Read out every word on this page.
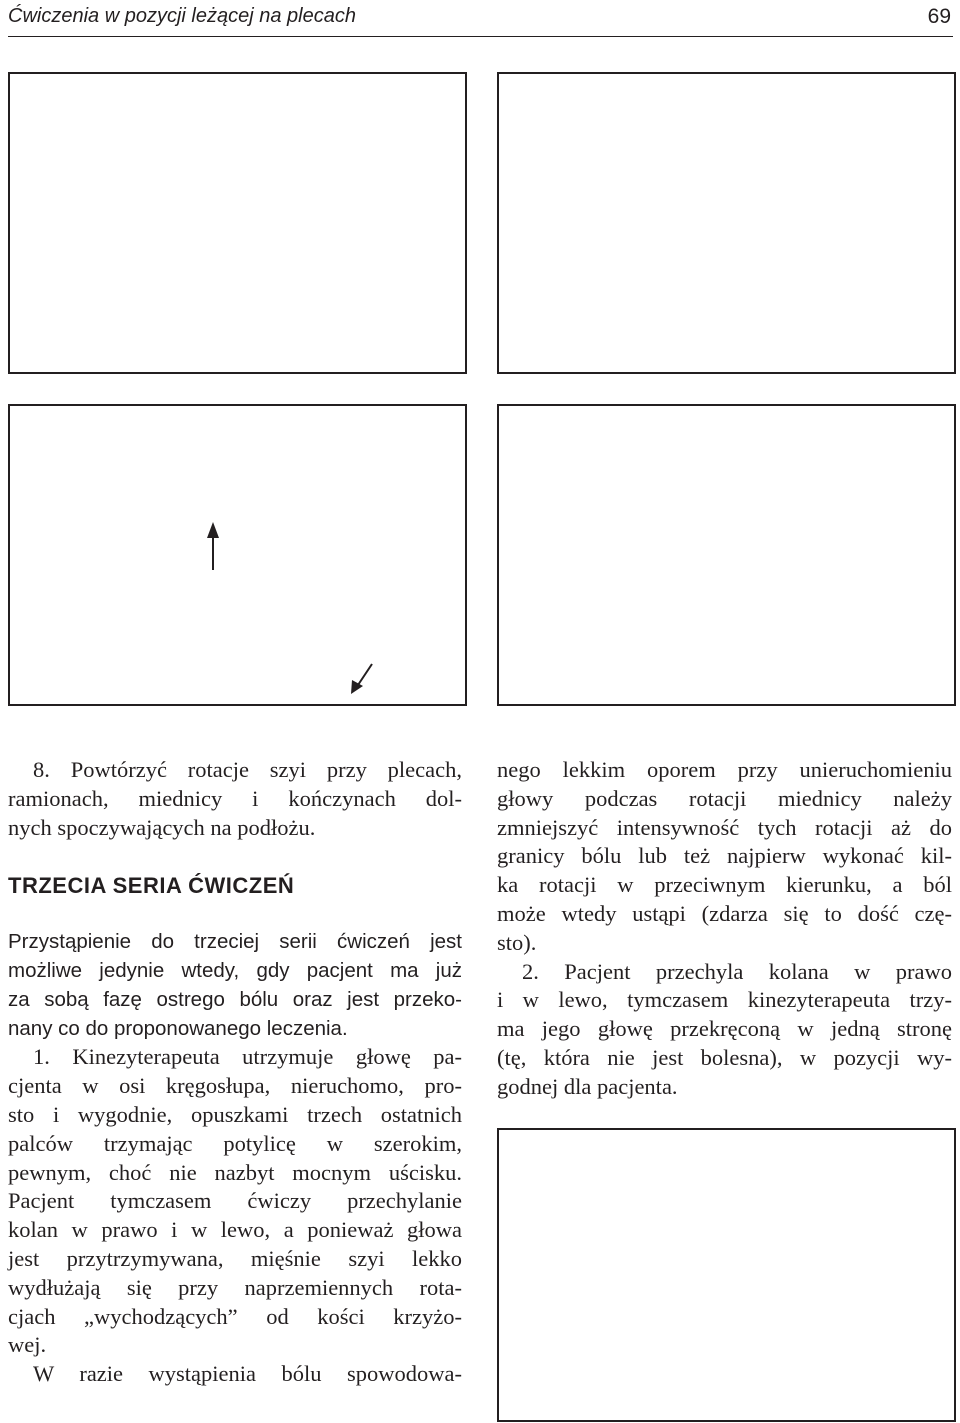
Ćwiczenia w pozycji leżącej na plecach	69

8. Powtórzyć rotacje szyi przy plecach,
ramionach, miednicy i kończynach dol-
nych spoczywających na podłożu.

TRZECIA SERIA ĆWICZEŃ

Przystąpienie do trzeciej serii ćwiczeń jest
możliwe jedynie wtedy, gdy pacjent ma już
za sobą fazę ostrego bólu oraz jest przeko-
nany co do proponowanego leczenia.

1. Kinezyterapeuta utrzymuje głowę pa-
cjenta w osi kręgosłupa, nieruchomo, pro-
sto i wygodnie, opuszkami trzech ostatnich
palców trzymając potylicę w szerokim,
pewnym, choć nie nazbyt mocnym uścisku.
Pacjent tymczasem ćwiczy przechylanie
kolan w prawo i w lewo, a ponieważ głowa
jest przytrzymywana, mięśnie szyi lekko
wydłużają się przy naprzemiennych rota-
cjach „wychodzących” od kości krzyżo-
wej.
W razie wystąpienia bólu spowodowa-

nego lekkim oporem przy unieruchomieniu
głowy podczas rotacji miednicy należy
zmniejszyć intensywność tych rotacji aż do
granicy bólu lub też najpierw wykonać kil-
ka rotacji w przeciwnym kierunku, a ból
może wtedy ustąpi (zdarza się to dość czę-
sto).

2. Pacjent przechyla kolana w prawo
i w lewo, tymczasem kinezyterapeuta trzy-
ma jego głowę przekręconą w jedną stronę
(tę, która nie jest bolesna), w pozycji wy-
godnej dla pacjenta.
